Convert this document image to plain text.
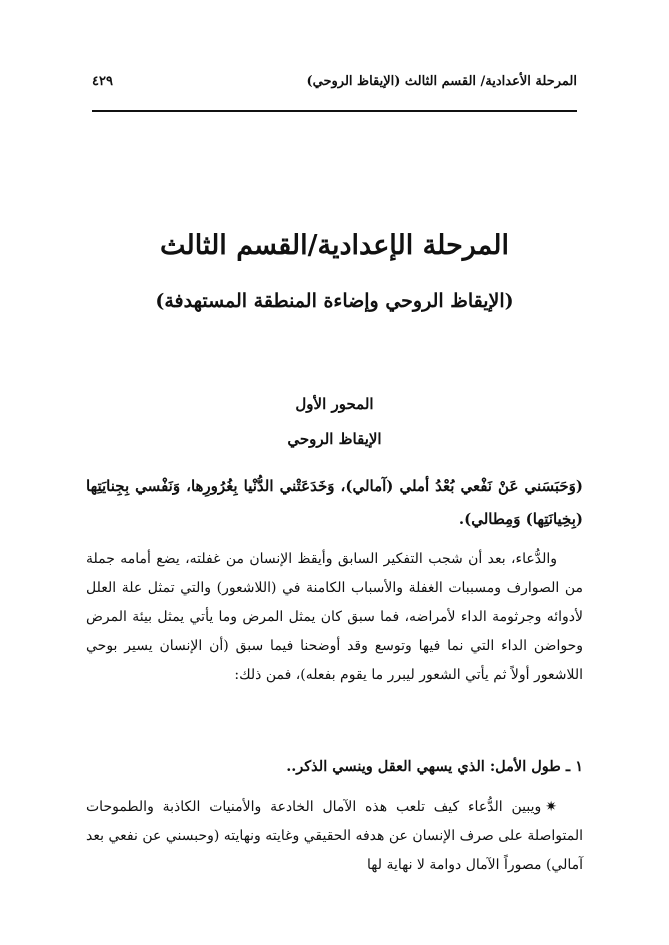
المرحلة الأعدادية/ القسم الثالث (الإيقاظ الروحي)
٤٢٩
المرحلة الإعدادية/القسم الثالث
(الإيقاظ الروحي وإضاءة المنطقة المستهدفة)
المحور الأول
الإيقاظ الروحي
(وَحَبَسَني عَنْ نَفْعي بُعْدُ أملي (آمالي)، وَخَدَعَتْني الدُّنْيا بِغُرُورِها، وَنَفْسي بِجِنايَتِها (بِخِيانَتِها) وَمِطالي).

والدُّعاء، بعد أن شجب التفكير السابق وأيقظ الإنسان من غفلته، يضع أمامه جملة من الصوارف ومسببات الغفلة والأسباب الكامنة في (اللاشعور) والتي تمثل علة العلل لأدوائه وجرثومة الداء لأمراضه، فما سبق كان يمثل المرض وما يأتي يمثل بيئة المرض وحواضن الداء التي نما فيها وتوسع وقد أوضحنا فيما سبق (أن الإنسان يسير بوحي اللاشعور أولاً ثم يأتي الشعور ليبرر ما يقوم بفعله)، فمن ذلك:

١ ـ طول الأمل: الذي يسهي العقل وينسي الذكر..

✷ويبين الدُّعاء كيف تلعب هذه الآمال الخادعة والأمنيات الكاذبة والطموحات المتواصلة على صرف الإنسان عن هدفه الحقيقي وغايته ونهايته (وحبسني عن نفعي بعد آمالي) مصوراً الآمال دوامة لا نهاية لها
